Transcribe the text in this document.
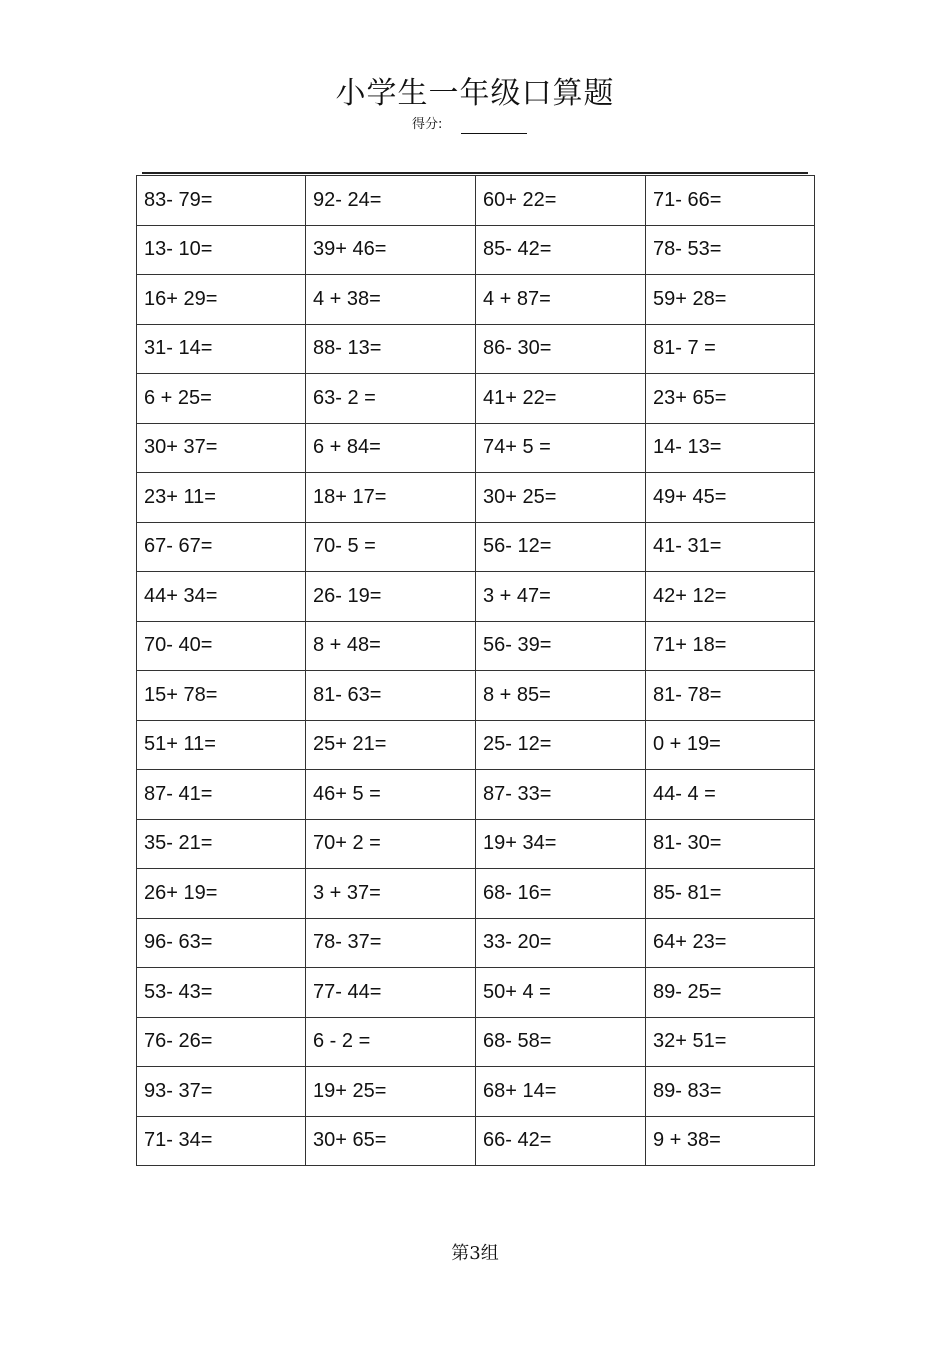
小学生一年级口算题
得分:
83- 79=	92- 24=	60+ 22=	71- 66=
13- 10=	39+ 46=	85- 42=	78- 53=
16+ 29=	4 + 38=	4 + 87=	59+ 28=
31- 14=	88- 13=	86- 30=	81- 7 =
6 + 25=	63- 2 =	41+ 22=	23+ 65=
30+ 37=	6 + 84=	74+ 5 =	14- 13=
23+ 11=	18+ 17=	30+ 25=	49+ 45=
67- 67=	70- 5 =	56- 12=	41- 31=
44+ 34=	26- 19=	3 + 47=	42+ 12=
70- 40=	8 + 48=	56- 39=	71+ 18=
15+ 78=	81- 63=	8 + 85=	81- 78=
51+ 11=	25+ 21=	25- 12=	0 + 19=
87- 41=	46+ 5 =	87- 33=	44- 4 =
35- 21=	70+ 2 =	19+ 34=	81- 30=
26+ 19=	3 + 37=	68- 16=	85- 81=
96- 63=	78- 37=	33- 20=	64+ 23=
53- 43=	77- 44=	50+ 4 =	89- 25=
76- 26=	6 - 2 =	68- 58=	32+ 51=
93- 37=	19+ 25=	68+ 14=	89- 83=
71- 34=	30+ 65=	66- 42=	9 + 38=
第3组
